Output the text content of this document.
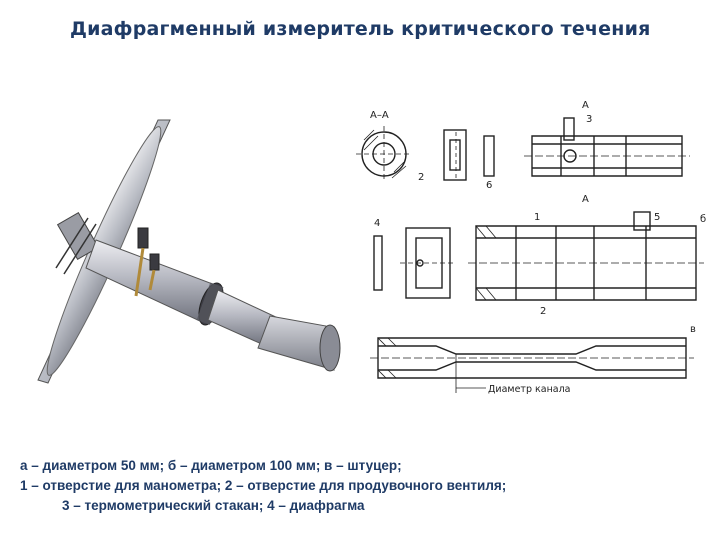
Диафрагменный измеритель критического течения
А–А
А
А
3
2
6
4
1	5	б
2
в
Диаметр канала
а – диаметром 50 мм; б – диаметром 100 мм; в – штуцер;
1 – отверстие для манометра; 2 – отверстие для продувочного вентиля;
3 – термометрический стакан; 4 – диафрагма
